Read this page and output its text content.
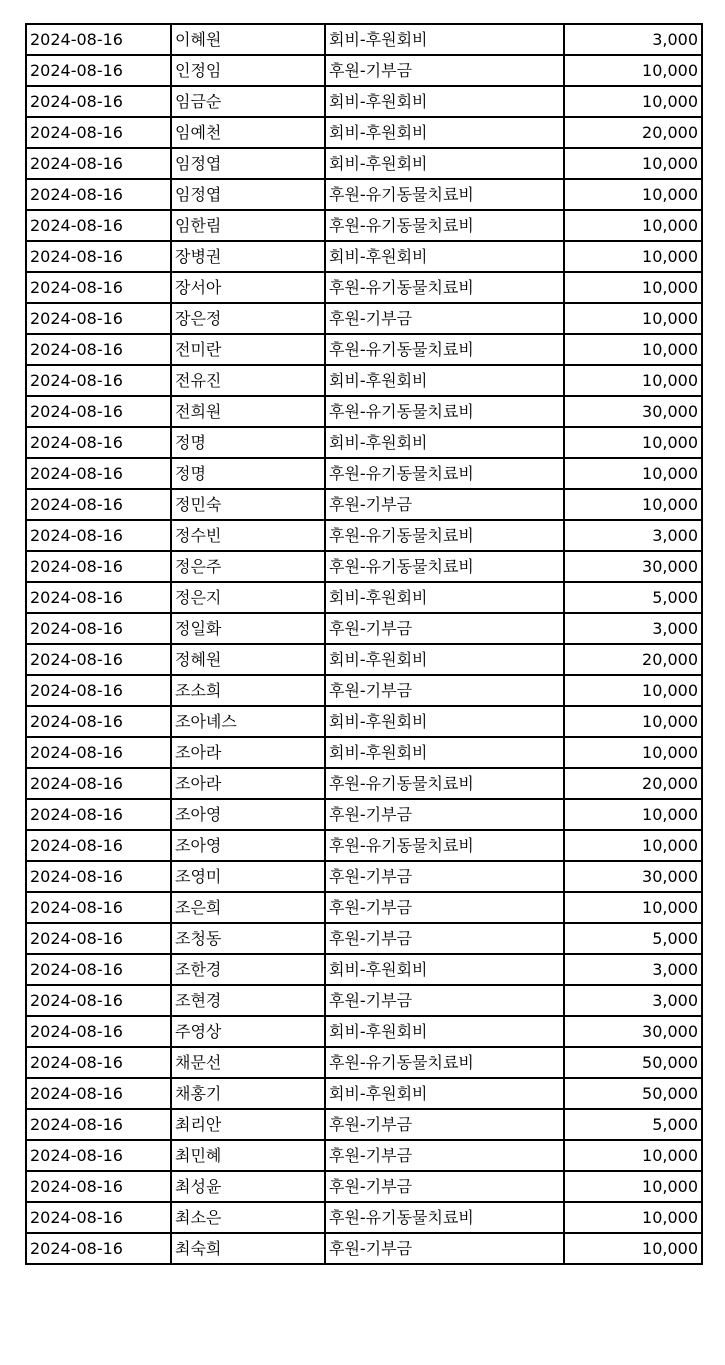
2024-08-16	이혜원	회비-후원회비	3,000
2024-08-16	인정임	후원-기부금	10,000
2024-08-16	임금순	회비-후원회비	10,000
2024-08-16	임예천	회비-후원회비	20,000
2024-08-16	임정엽	회비-후원회비	10,000
2024-08-16	임정엽	후원-유기동물치료비	10,000
2024-08-16	임한림	후원-유기동물치료비	10,000
2024-08-16	장병권	회비-후원회비	10,000
2024-08-16	장서아	후원-유기동물치료비	10,000
2024-08-16	장은정	후원-기부금	10,000
2024-08-16	전미란	후원-유기동물치료비	10,000
2024-08-16	전유진	회비-후원회비	10,000
2024-08-16	전희원	후원-유기동물치료비	30,000
2024-08-16	정명	회비-후원회비	10,000
2024-08-16	정명	후원-유기동물치료비	10,000
2024-08-16	정민숙	후원-기부금	10,000
2024-08-16	정수빈	후원-유기동물치료비	3,000
2024-08-16	정은주	후원-유기동물치료비	30,000
2024-08-16	정은지	회비-후원회비	5,000
2024-08-16	정일화	후원-기부금	3,000
2024-08-16	정혜원	회비-후원회비	20,000
2024-08-16	조소희	후원-기부금	10,000
2024-08-16	조아녜스	회비-후원회비	10,000
2024-08-16	조아라	회비-후원회비	10,000
2024-08-16	조아라	후원-유기동물치료비	20,000
2024-08-16	조아영	후원-기부금	10,000
2024-08-16	조아영	후원-유기동물치료비	10,000
2024-08-16	조영미	후원-기부금	30,000
2024-08-16	조은희	후원-기부금	10,000
2024-08-16	조청동	후원-기부금	5,000
2024-08-16	조한경	회비-후원회비	3,000
2024-08-16	조현경	후원-기부금	3,000
2024-08-16	주영상	회비-후원회비	30,000
2024-08-16	채문선	후원-유기동물치료비	50,000
2024-08-16	채홍기	회비-후원회비	50,000
2024-08-16	최리안	후원-기부금	5,000
2024-08-16	최민혜	후원-기부금	10,000
2024-08-16	최성윤	후원-기부금	10,000
2024-08-16	최소은	후원-유기동물치료비	10,000
2024-08-16	최숙희	후원-기부금	10,000
